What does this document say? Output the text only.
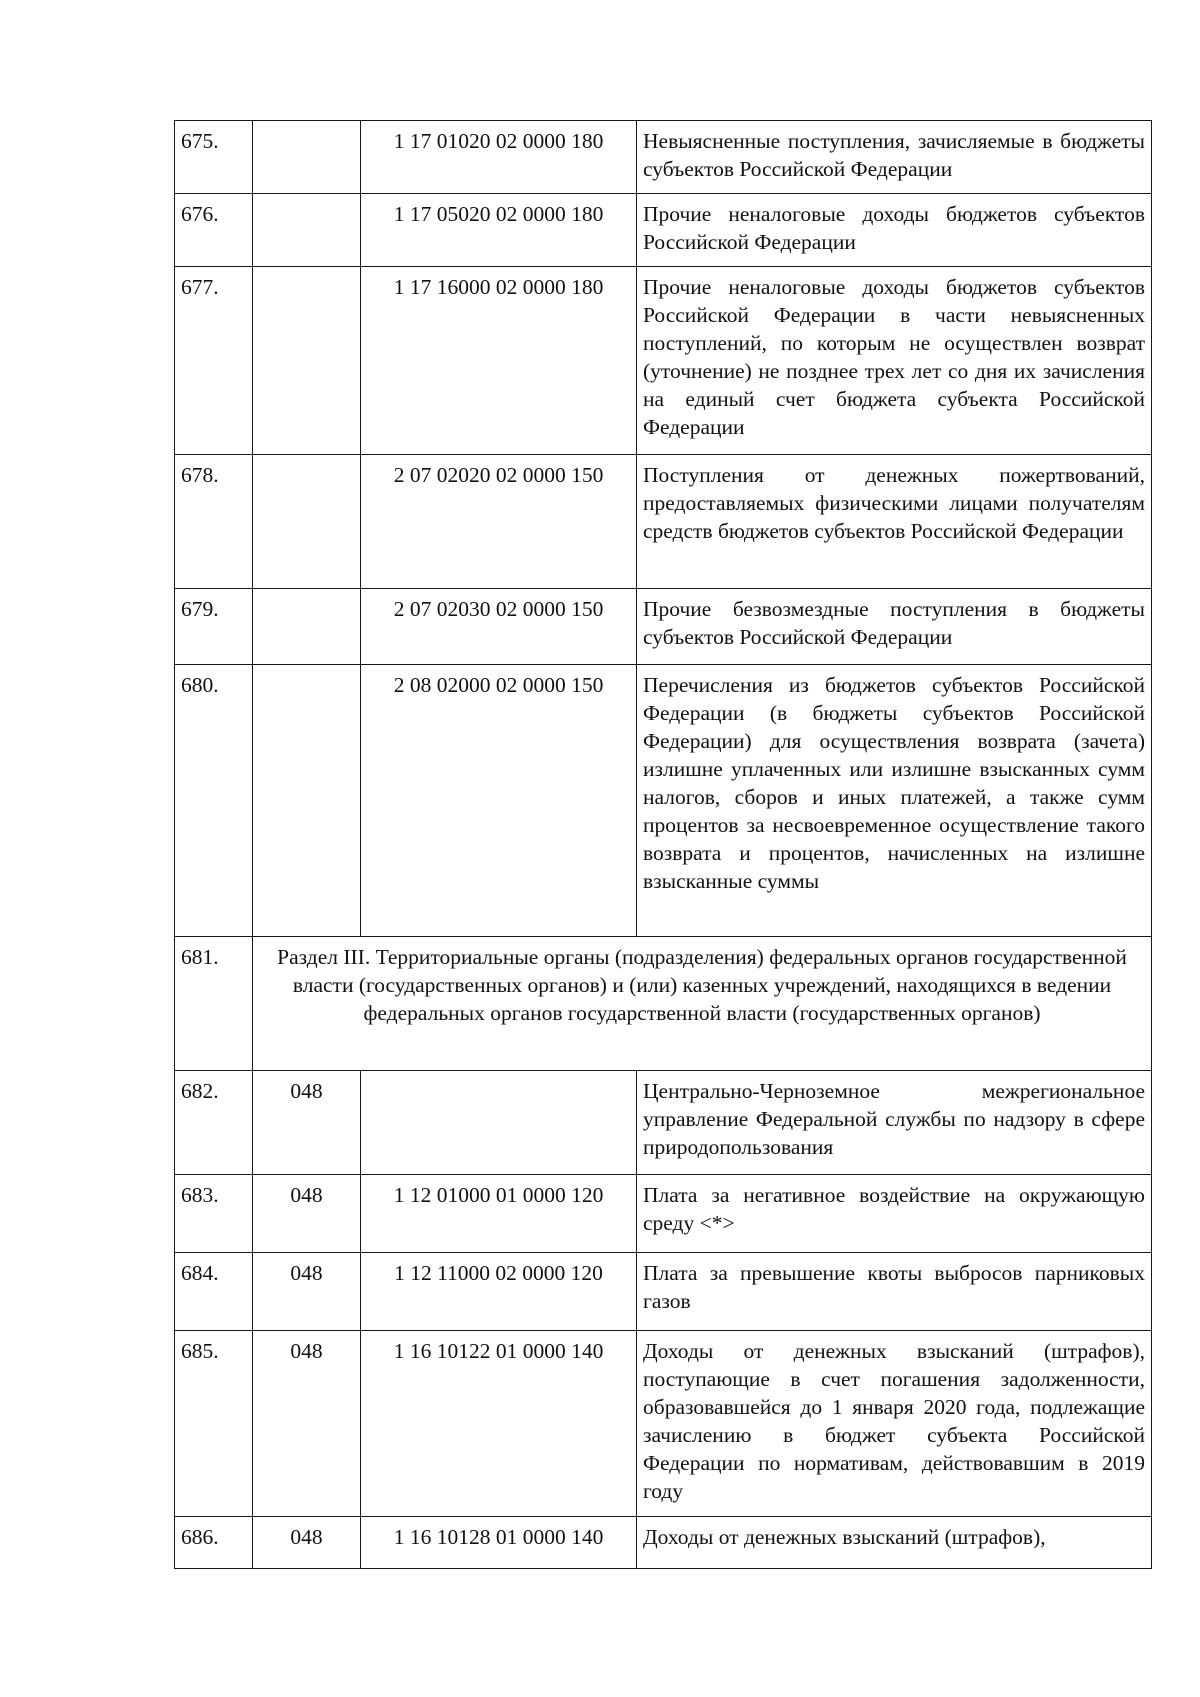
675.		1 17 01020 02 0000 180	Невыясненные поступления, зачисляемые в бюджеты субъектов Российской Федерации
676.		1 17 05020 02 0000 180	Прочие неналоговые доходы бюджетов субъектов Российской Федерации
677.		1 17 16000 02 0000 180	Прочие неналоговые доходы бюджетов субъектов Российской Федерации в части невыясненных поступлений, по которым не осуществлен возврат (уточнение) не позднее трех лет со дня их зачисления на единый счет бюджета субъекта Российской Федерации
678.		2 07 02020 02 0000 150	Поступления от денежных пожертвований, предоставляемых физическими лицами получателям средств бюджетов субъектов Российской Федерации
679.		2 07 02030 02 0000 150	Прочие безвозмездные поступления в бюджеты субъектов Российской Федерации
680.		2 08 02000 02 0000 150	Перечисления из бюджетов субъектов Российской Федерации (в бюджеты субъектов Российской Федерации) для осуществления возврата (зачета) излишне уплаченных или излишне взысканных сумм налогов, сборов и иных платежей, а также сумм процентов за несвоевременное осуществление такого возврата и процентов, начисленных на излишне взысканные суммы
681.	Раздел III. Территориальные органы (подразделения) федеральных органов государственной власти (государственных органов) и (или) казенных учреждений, находящихся в ведении федеральных органов государственной власти (государственных органов)		
682.	048		Центрально-Черноземное межрегиональное управление Федеральной службы по надзору в сфере природопользования
683.	048	1 12 01000 01 0000 120	Плата за негативное воздействие на окружающую среду <*>
684.	048	1 12 11000 02 0000 120	Плата за превышение квоты выбросов парниковых газов
685.	048	1 16 10122 01 0000 140	Доходы от денежных взысканий (штрафов), поступающие в счет погашения задолженности, образовавшейся до 1 января 2020 года, подлежащие зачислению в бюджет субъекта Российской Федерации по нормативам, действовавшим в 2019 году
686.	048	1 16 10128 01 0000 140	Доходы от денежных взысканий (штрафов),
